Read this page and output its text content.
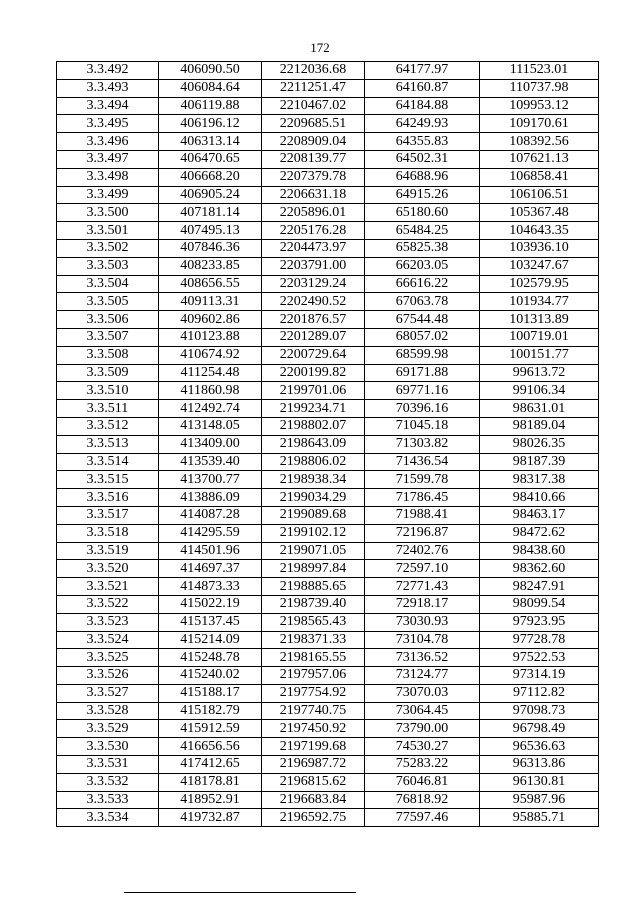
172
3.3.492	406090.50	2212036.68	64177.97	111523.01
3.3.493	406084.64	2211251.47	64160.87	110737.98
3.3.494	406119.88	2210467.02	64184.88	109953.12
3.3.495	406196.12	2209685.51	64249.93	109170.61
3.3.496	406313.14	2208909.04	64355.83	108392.56
3.3.497	406470.65	2208139.77	64502.31	107621.13
3.3.498	406668.20	2207379.78	64688.96	106858.41
3.3.499	406905.24	2206631.18	64915.26	106106.51
3.3.500	407181.14	2205896.01	65180.60	105367.48
3.3.501	407495.13	2205176.28	65484.25	104643.35
3.3.502	407846.36	2204473.97	65825.38	103936.10
3.3.503	408233.85	2203791.00	66203.05	103247.67
3.3.504	408656.55	2203129.24	66616.22	102579.95
3.3.505	409113.31	2202490.52	67063.78	101934.77
3.3.506	409602.86	2201876.57	67544.48	101313.89
3.3.507	410123.88	2201289.07	68057.02	100719.01
3.3.508	410674.92	2200729.64	68599.98	100151.77
3.3.509	411254.48	2200199.82	69171.88	99613.72
3.3.510	411860.98	2199701.06	69771.16	99106.34
3.3.511	412492.74	2199234.71	70396.16	98631.01
3.3.512	413148.05	2198802.07	71045.18	98189.04
3.3.513	413409.00	2198643.09	71303.82	98026.35
3.3.514	413539.40	2198806.02	71436.54	98187.39
3.3.515	413700.77	2198938.34	71599.78	98317.38
3.3.516	413886.09	2199034.29	71786.45	98410.66
3.3.517	414087.28	2199089.68	71988.41	98463.17
3.3.518	414295.59	2199102.12	72196.87	98472.62
3.3.519	414501.96	2199071.05	72402.76	98438.60
3.3.520	414697.37	2198997.84	72597.10	98362.60
3.3.521	414873.33	2198885.65	72771.43	98247.91
3.3.522	415022.19	2198739.40	72918.17	98099.54
3.3.523	415137.45	2198565.43	73030.93	97923.95
3.3.524	415214.09	2198371.33	73104.78	97728.78
3.3.525	415248.78	2198165.55	73136.52	97522.53
3.3.526	415240.02	2197957.06	73124.77	97314.19
3.3.527	415188.17	2197754.92	73070.03	97112.82
3.3.528	415182.79	2197740.75	73064.45	97098.73
3.3.529	415912.59	2197450.92	73790.00	96798.49
3.3.530	416656.56	2197199.68	74530.27	96536.63
3.3.531	417412.65	2196987.72	75283.22	96313.86
3.3.532	418178.81	2196815.62	76046.81	96130.81
3.3.533	418952.91	2196683.84	76818.92	95987.96
3.3.534	419732.87	2196592.75	77597.46	95885.71
